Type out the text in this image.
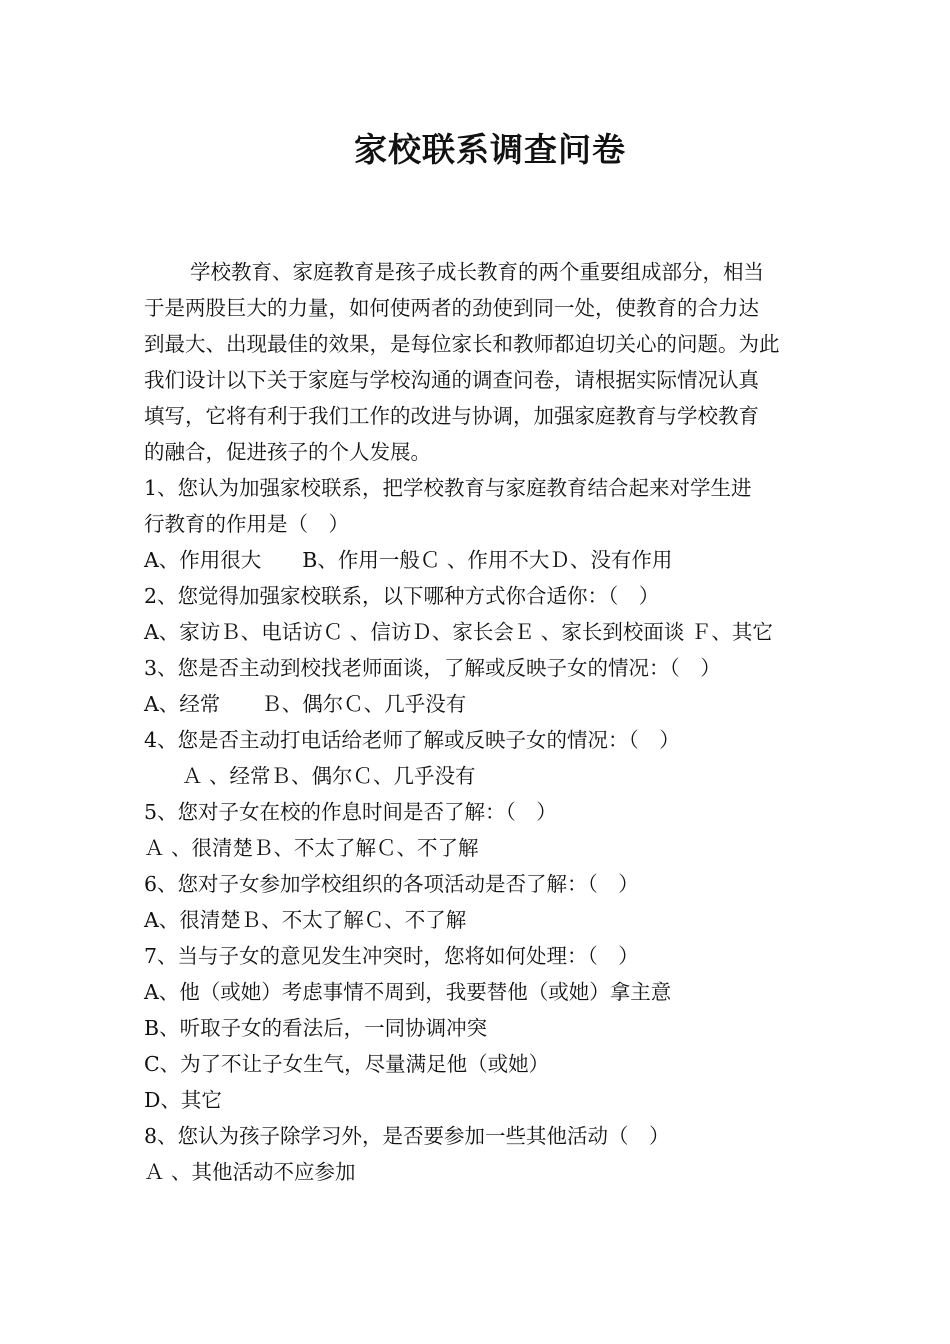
家校联系调查问卷
学校教育、家庭教育是孩子成长教育的两个重要组成部分，相当
于是两股巨大的力量，如何使两者的劲使到同一处，使教育的合力达
到最大、出现最佳的效果，是每位家长和教师都迫切关心的问题。为此
我们设计以下关于家庭与学校沟通的调查问卷，请根据实际情况认真
填写，它将有利于我们工作的改进与协调，加强家庭教育与学校教育
的融合，促进孩子的个人发展。
1、您认为加强家校联系，把学校教育与家庭教育结合起来对学生进
行教育的作用是（　）
A、作用很大　　B、作用一般Ｃ 、作用不大Ｄ、没有作用
2、您觉得加强家校联系，以下哪种方式你合适你：（　）
A、家访Ｂ、电话访Ｃ 、信访Ｄ、家长会Ｅ 、家长到校面谈 Ｆ、其它
3、您是否主动到校找老师面谈，了解或反映子女的情况：（　）
A、经常　　Ｂ、偶尔Ｃ、几乎没有
4、您是否主动打电话给老师了解或反映子女的情况：（　）
Ａ 、经常Ｂ、偶尔Ｃ、几乎没有
5、您对子女在校的作息时间是否了解：（　）
Ａ 、很清楚Ｂ、不太了解Ｃ、不了解
6、您对子女参加学校组织的各项活动是否了解：（　）
A、很清楚Ｂ、不太了解Ｃ、不了解
7、当与子女的意见发生冲突时，您将如何处理：（　）
A、他（或她）考虑事情不周到，我要替他（或她）拿主意
B、听取子女的看法后，一同协调冲突
C、为了不让子女生气，尽量满足他（或她）
D、其它
8、您认为孩子除学习外，是否要参加一些其他活动（　）
Ａ 、其他活动不应参加
